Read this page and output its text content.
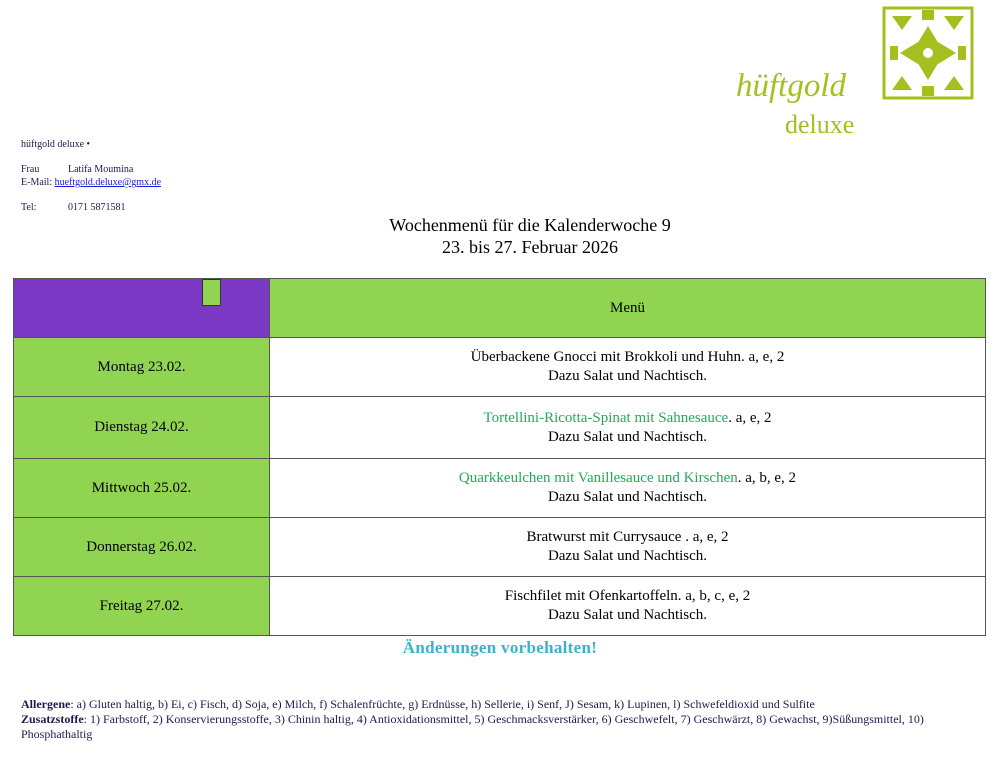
hüftgold
deluxe
hüftgold deluxe •
Frau	Latifa Moumina
E-Mail:
hueftgold.deluxe@gmx.de
Tel:	0171 5871581
Wochenmenü für die Kalenderwoche 9
23. bis 27. Februar 2026
	Menü
Montag 23.02.	Überbackene Gnocci mit Brokkoli und Huhn. a, e, 2
Dazu Salat und Nachtisch.
Dienstag 24.02.	Tortellini-Ricotta-Spinat mit Sahnesauce. a, e, 2
Dazu Salat und Nachtisch.
Mittwoch 25.02.	Quarkkeulchen mit Vanillesauce und Kirschen. a, b, e, 2
Dazu Salat und Nachtisch.
Donnerstag 26.02.	Bratwurst mit Currysauce . a, e, 2
Dazu Salat und Nachtisch.
Freitag 27.02.	Fischfilet mit Ofenkartoffeln. a, b, c, e, 2
Dazu Salat und Nachtisch.
Änderungen vorbehalten!
Allergene: a) Gluten haltig, b) Ei, c) Fisch, d) Soja, e) Milch, f) Schalenfrüchte, g) Erdnüsse, h) Sellerie, i) Senf, J) Sesam, k) Lupinen, l) Schwefeldioxid und Sulfite
Zusatzstoffe: 1) Farbstoff, 2) Konservierungsstoffe, 3) Chinin haltig, 4) Antioxidationsmittel, 5) Geschmacksverstärker, 6) Geschwefelt, 7) Geschwärzt, 8) Gewachst, 9)Süßungsmittel, 10) Phosphathaltig
